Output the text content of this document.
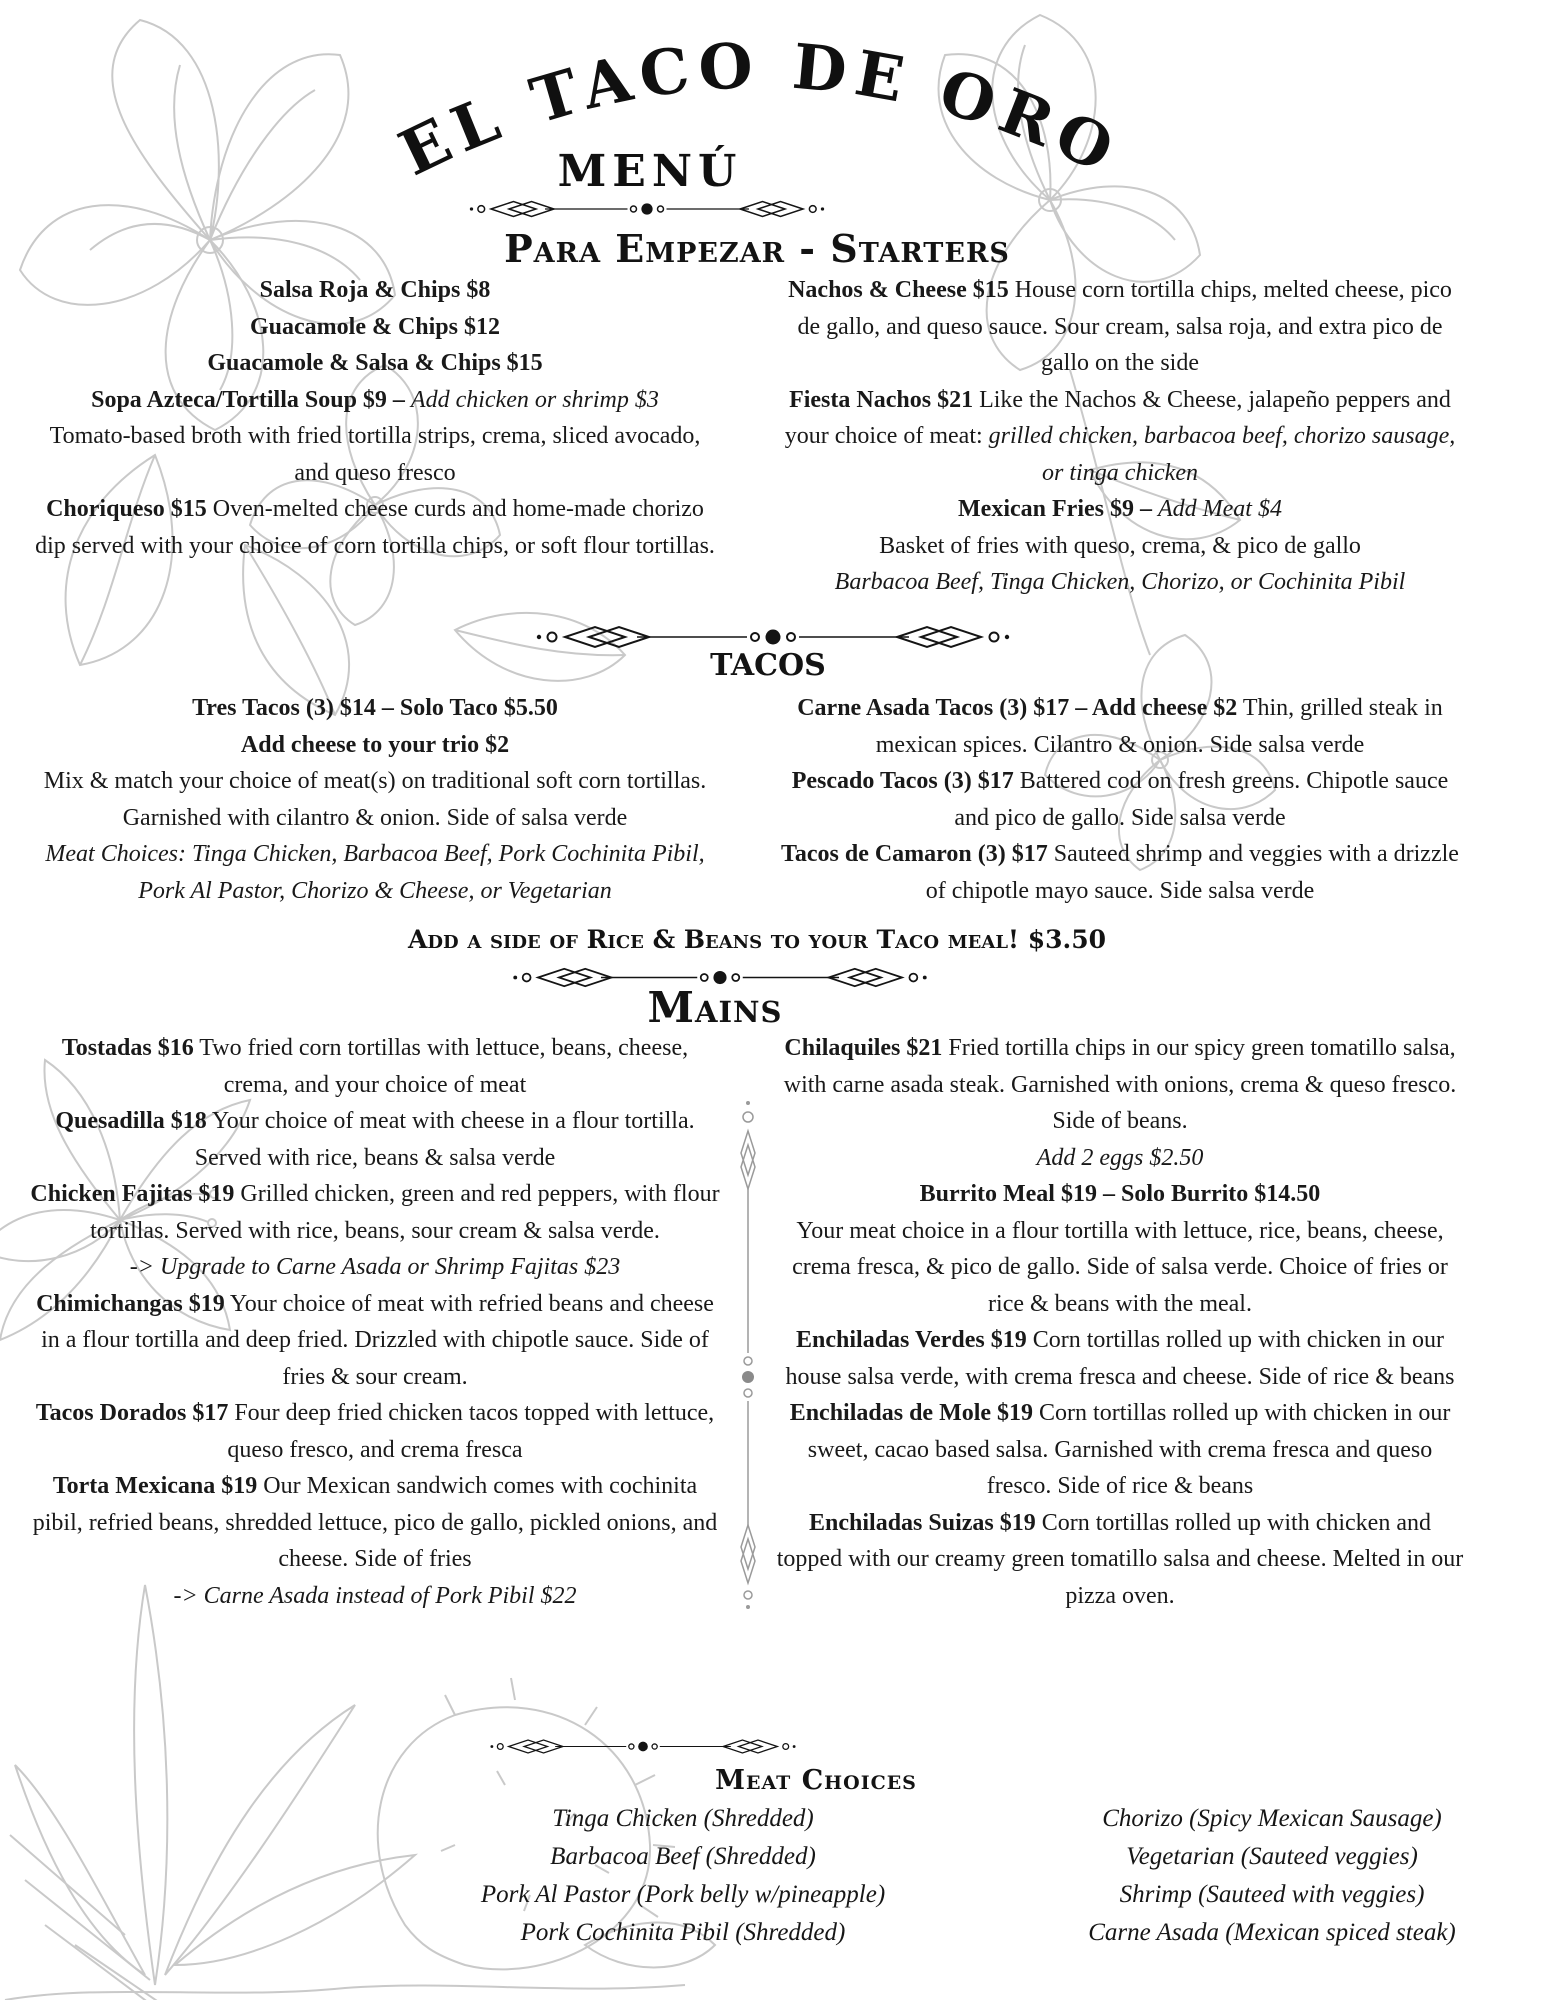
EL TACO DE ORO
MENÚ
Para Empezar - Starters

Salsa Roja & Chips $8

Guacamole & Chips $12

Guacamole & Salsa & Chips $15

Sopa Azteca/Tortilla Soup $9 – Add chicken or shrimp $3
Tomato-based broth with fried tortilla strips, crema, sliced avocado, and queso fresco

Choriqueso $15 Oven-melted cheese curds and home-made chorizo dip served with your choice of corn tortilla chips, or soft flour tortillas.

Nachos & Cheese $15 House corn tortilla chips, melted cheese, pico de gallo, and queso sauce. Sour cream, salsa roja, and extra pico de gallo on the side

Fiesta Nachos $21 Like the Nachos & Cheese, jalapeño peppers and your choice of meat: grilled chicken, barbacoa beef, chorizo sausage, or tinga chicken

Mexican Fries $9 – Add Meat $4
Basket of fries with queso, crema, & pico de gallo
Barbacoa Beef, Tinga Chicken, Chorizo, or Cochinita Pibil

TACOS

Tres Tacos (3) $14 – Solo Taco $5.50
Add cheese to your trio $2
Mix & match your choice of meat(s) on traditional soft corn tortillas. Garnished with cilantro & onion. Side of salsa verde
Meat Choices: Tinga Chicken, Barbacoa Beef, Pork Cochinita Pibil, Pork Al Pastor, Chorizo & Cheese, or Vegetarian

Carne Asada Tacos (3) $17 – Add cheese $2 Thin, grilled steak in mexican spices. Cilantro & onion. Side salsa verde

Pescado Tacos (3) $17 Battered cod on fresh greens. Chipotle sauce and pico de gallo. Side salsa verde

Tacos de Camaron (3) $17 Sauteed shrimp and veggies with a drizzle of chipotle mayo sauce. Side salsa verde

Add a side of Rice & Beans to your Taco meal! $3.50
Mains

Tostadas $16 Two fried corn tortillas with lettuce, beans, cheese, crema, and your choice of meat

Quesadilla $18 Your choice of meat with cheese in a flour tortilla. Served with rice, beans & salsa verde

Chicken Fajitas $19 Grilled chicken, green and red peppers, with flour tortillas. Served with rice, beans, sour cream & salsa verde.
-> Upgrade to Carne Asada or Shrimp Fajitas $23

Chimichangas $19 Your choice of meat with refried beans and cheese in a flour tortilla and deep fried. Drizzled with chipotle sauce. Side of fries & sour cream.

Tacos Dorados $17 Four deep fried chicken tacos topped with lettuce, queso fresco, and crema fresca

Torta Mexicana $19 Our Mexican sandwich comes with cochinita pibil, refried beans, shredded lettuce, pico de gallo, pickled onions, and cheese. Side of fries
-> Carne Asada instead of Pork Pibil $22

Chilaquiles $21 Fried tortilla chips in our spicy green tomatillo salsa, with carne asada steak. Garnished with onions, crema & queso fresco. Side of beans.
Add 2 eggs $2.50

Burrito Meal $19 – Solo Burrito $14.50
Your meat choice in a flour tortilla with lettuce, rice, beans, cheese, crema fresca, & pico de gallo. Side of salsa verde. Choice of fries or rice & beans with the meal.

Enchiladas Verdes $19 Corn tortillas rolled up with chicken in our house salsa verde, with crema fresca and cheese. Side of rice & beans

Enchiladas de Mole $19 Corn tortillas rolled up with chicken in our sweet, cacao based salsa. Garnished with crema fresca and queso fresco. Side of rice & beans

Enchiladas Suizas $19 Corn tortillas rolled up with chicken and topped with our creamy green tomatillo salsa and cheese. Melted in our pizza oven.

Meat Choices

Tinga Chicken (Shredded)

Barbacoa Beef (Shredded)

Pork Al Pastor (Pork belly w/pineapple)

Pork Cochinita Pibil (Shredded)

Chorizo (Spicy Mexican Sausage)

Vegetarian (Sauteed veggies)

Shrimp (Sauteed with veggies)

Carne Asada (Mexican spiced steak)
